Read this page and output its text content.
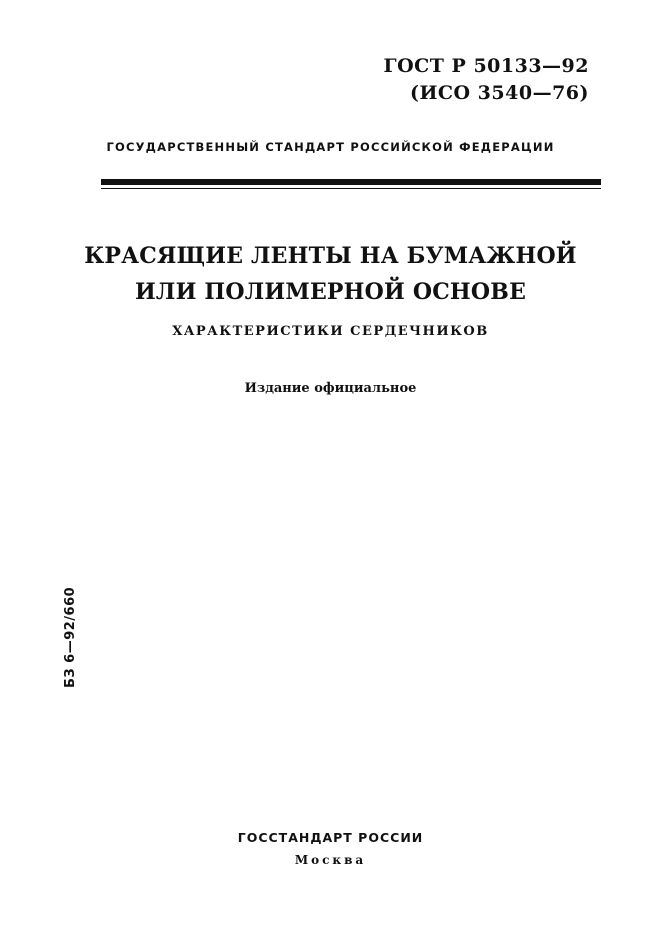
ГОСТ Р 50133—92
(ИСО 3540—76)
ГОСУДАРСТВЕННЫЙ СТАНДАРТ РОССИЙСКОЙ ФЕДЕРАЦИИ
КРАСЯЩИЕ ЛЕНТЫ НА БУМАЖНОЙ
ИЛИ ПОЛИМЕРНОЙ ОСНОВЕ
ХАРАКТЕРИСТИКИ СЕРДЕЧНИКОВ
Издание официальное
БЗ 6—92/660
ГОССТАНДАРТ РОССИИ
Москва
